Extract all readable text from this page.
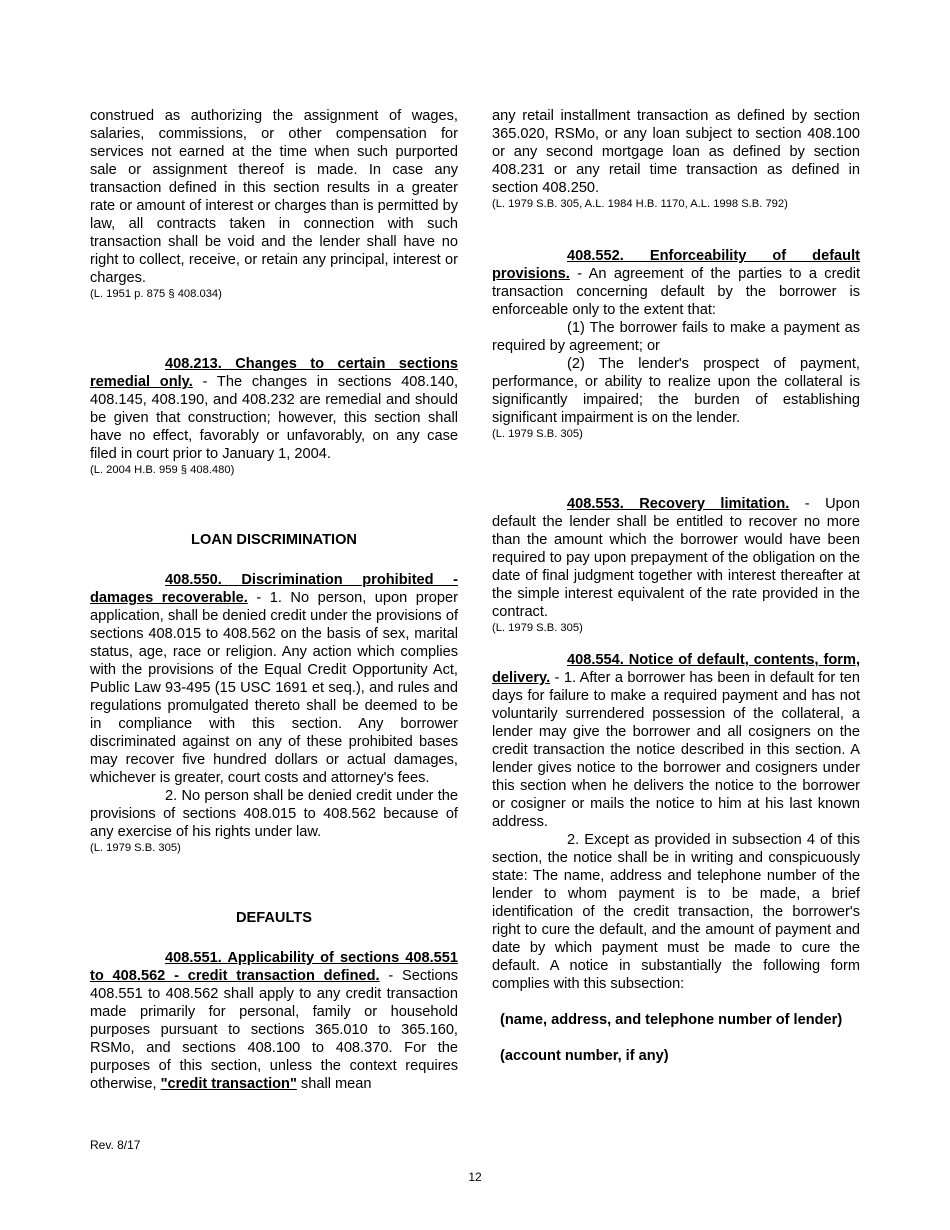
construed as authorizing the assignment of wages, salaries, commissions, or other compensation for services not earned at the time when such purported sale or assignment thereof is made. In case any transaction defined in this section results in a greater rate or amount of interest or charges than is permitted by law, all contracts taken in connection with such transaction shall be void and the lender shall have no right to collect, receive, or retain any principal, interest or charges.

(L. 1951 p. 875 § 408.034)

408.213. Changes to certain sections remedial only. - The changes in sections 408.140, 408.145, 408.190, and 408.232 are remedial and should be given that construction; however, this section shall have no effect, favorably or unfavorably, on any case filed in court prior to January 1, 2004.

(L. 2004 H.B. 959 § 408.480)

LOAN DISCRIMINATION

408.550. Discrimination prohibited - damages recoverable. - 1. No person, upon proper application, shall be denied credit under the provisions of sections 408.015 to 408.562 on the basis of sex, marital status, age, race or religion. Any action which complies with the provisions of the Equal Credit Opportunity Act, Public Law 93-495 (15 USC 1691 et seq.), and rules and regulations promulgated thereto shall be deemed to be in compliance with this section. Any borrower discriminated against on any of these prohibited bases may recover five hundred dollars or actual damages, whichever is greater, court costs and attorney's fees.

2. No person shall be denied credit under the provisions of sections 408.015 to 408.562 because of any exercise of his rights under law.

(L. 1979 S.B. 305)

DEFAULTS

408.551. Applicability of sections 408.551 to 408.562 - credit transaction defined. - Sections 408.551 to 408.562 shall apply to any credit transaction made primarily for personal, family or household purposes pursuant to sections 365.010 to 365.160, RSMo, and sections 408.100 to 408.370. For the purposes of this section, unless the context requires otherwise, "credit transaction" shall mean

any retail installment transaction as defined by section 365.020, RSMo, or any loan subject to section 408.100 or any second mortgage loan as defined by section 408.231 or any retail time transaction as defined in section 408.250.

(L. 1979 S.B. 305, A.L. 1984 H.B. 1170, A.L. 1998 S.B. 792)

408.552. Enforceability of default provisions. - An agreement of the parties to a credit transaction concerning default by the borrower is enforceable only to the extent that:

(1) The borrower fails to make a payment as required by agreement; or

(2) The lender's prospect of payment, performance, or ability to realize upon the collateral is significantly impaired; the burden of establishing significant impairment is on the lender.

(L. 1979 S.B. 305)

408.553. Recovery limitation. - Upon default the lender shall be entitled to recover no more than the amount which the borrower would have been required to pay upon prepayment of the obligation on the date of final judgment together with interest thereafter at the simple interest equivalent of the rate provided in the contract.

(L. 1979 S.B. 305)

408.554. Notice of default, contents, form, delivery. - 1. After a borrower has been in default for ten days for failure to make a required payment and has not voluntarily surrendered possession of the collateral, a lender may give the borrower and all cosigners on the credit transaction the notice described in this section. A lender gives notice to the borrower and cosigners under this section when he delivers the notice to the borrower or cosigner or mails the notice to him at his last known address.

2. Except as provided in subsection 4 of this section, the notice shall be in writing and conspicuously state: The name, address and telephone number of the lender to whom payment is to be made, a brief identification of the credit transaction, the borrower's right to cure the default, and the amount of payment and date by which payment must be made to cure the default. A notice in substantially the following form complies with this subsection:

(name, address, and telephone number of lender)

(account number, if any)

Rev. 8/17
12
